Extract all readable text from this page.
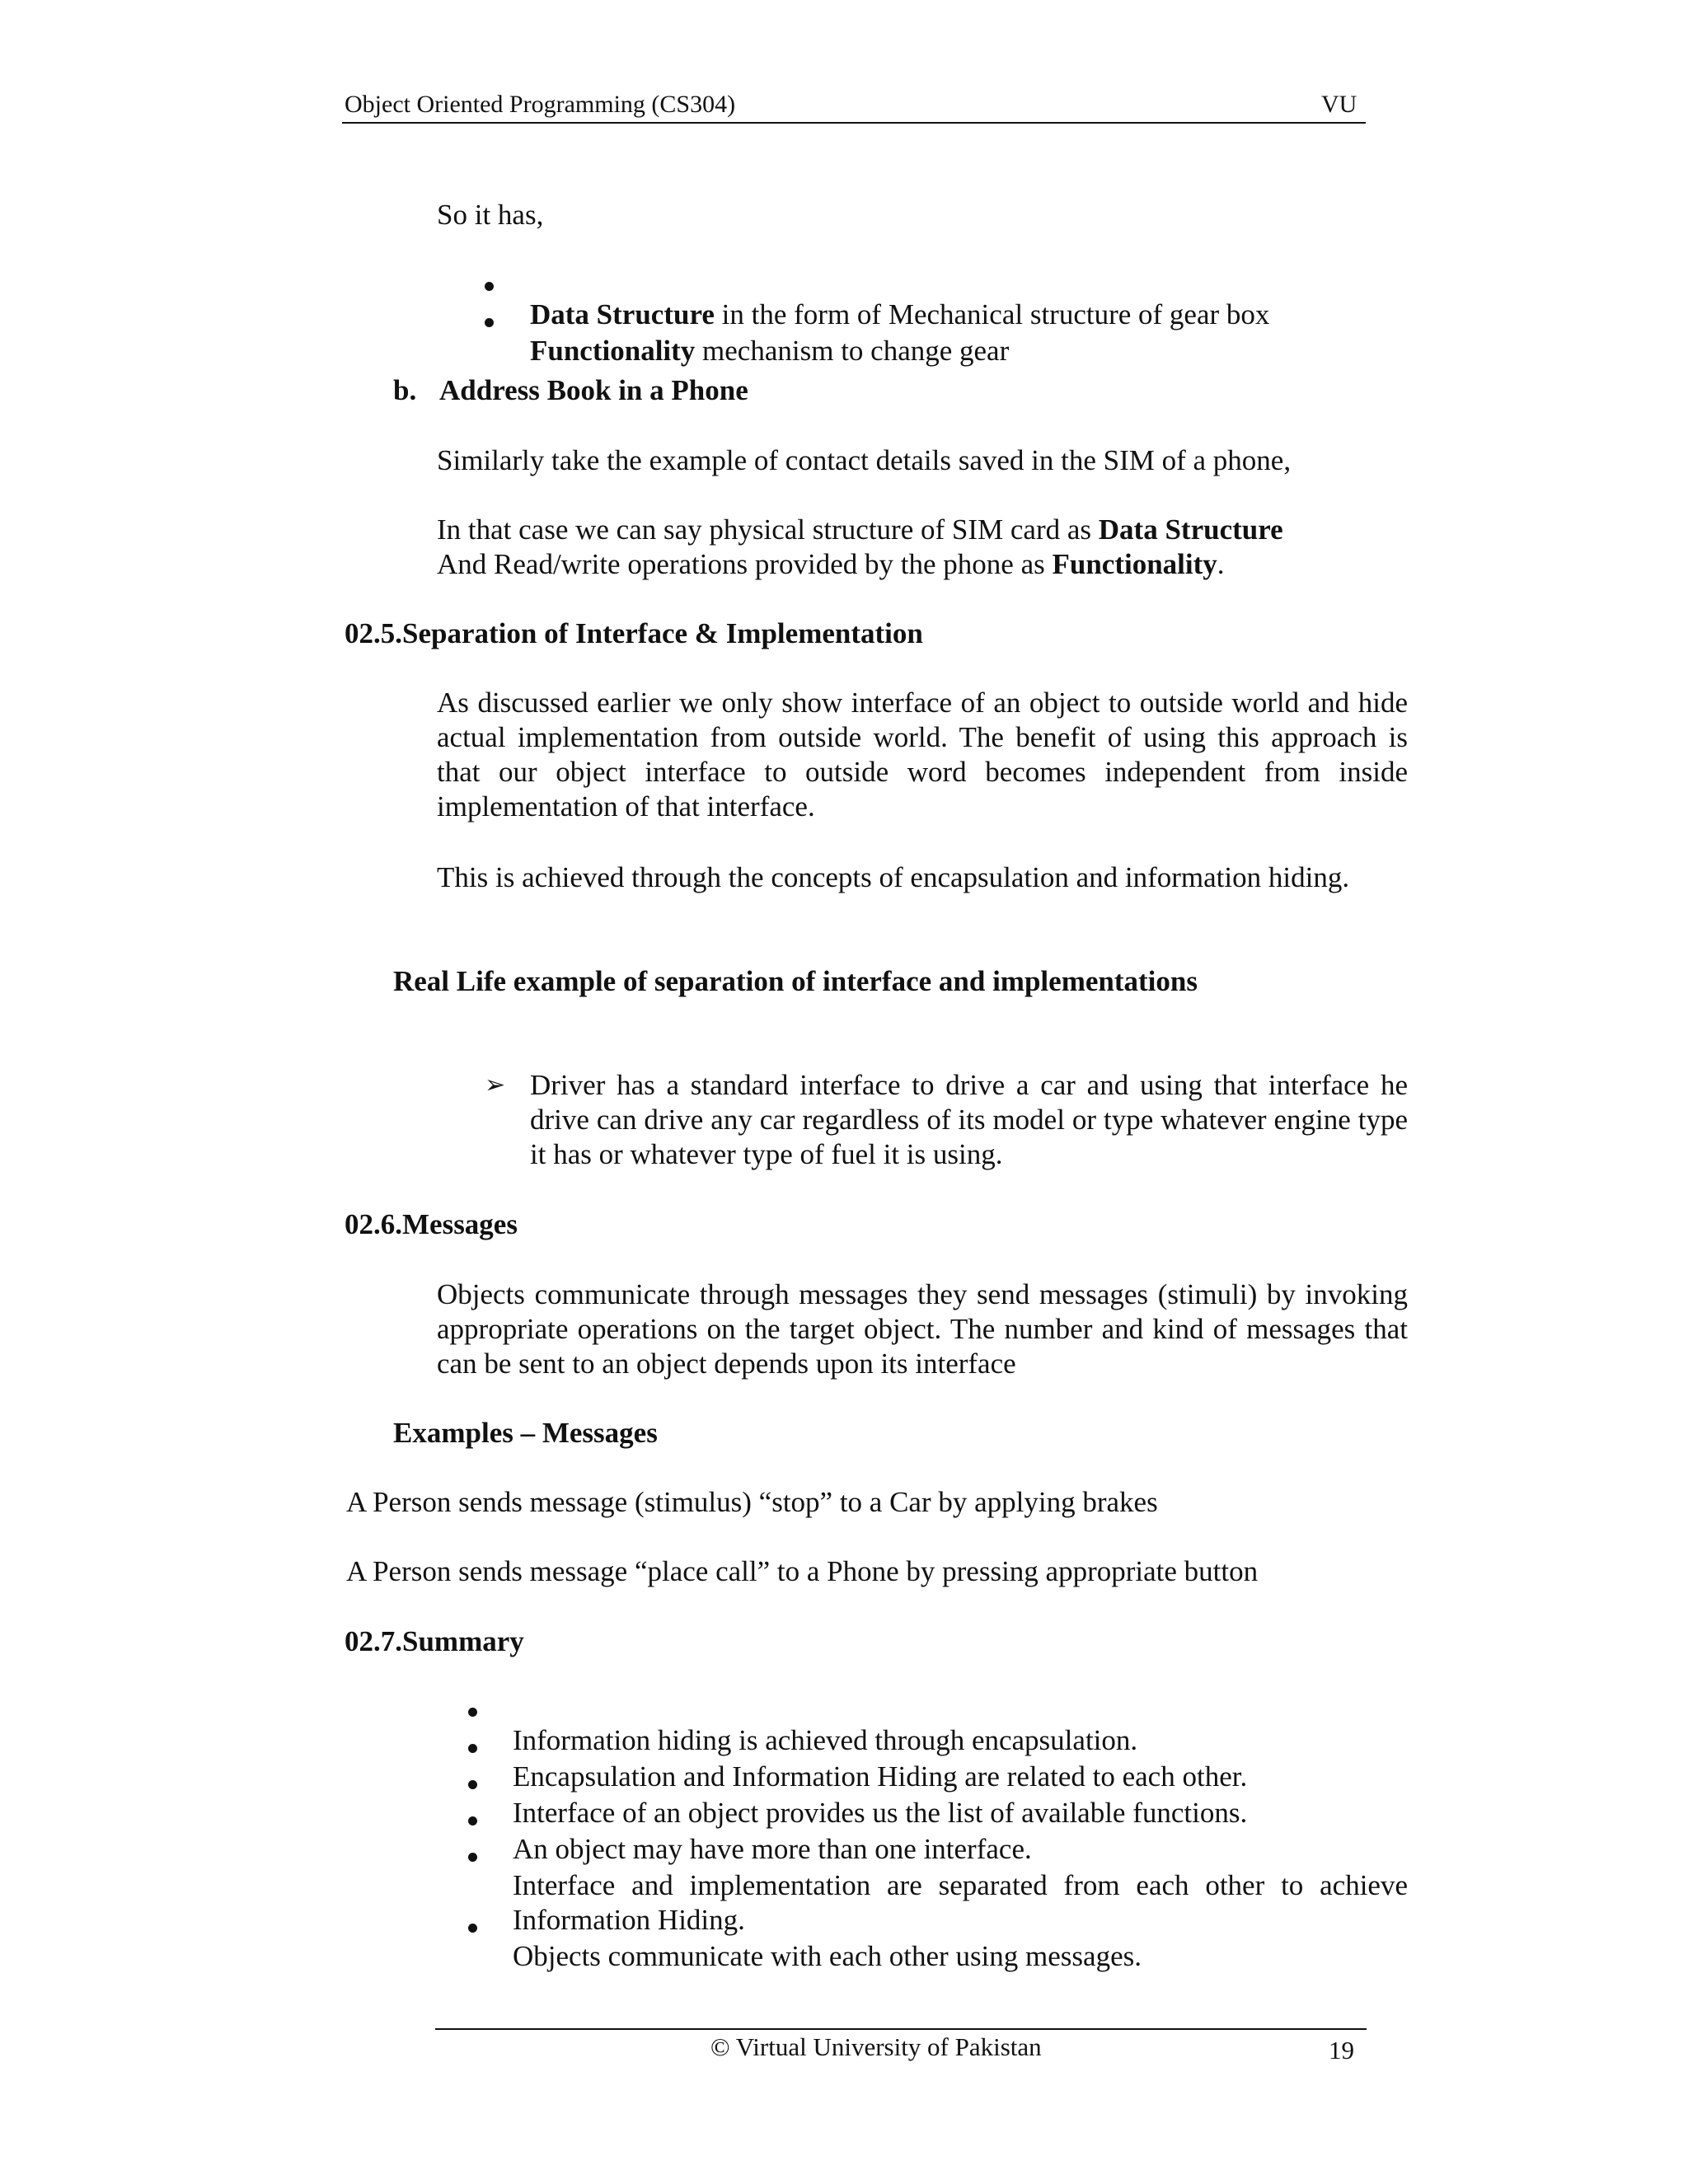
Object Oriented Programming (CS304)	VU

So it has,

Data Structure in the form of Mechanical structure of gear box

Functionality mechanism to change gear

b. Address Book in a Phone

Similarly take the example of contact details saved in the SIM of a phone,

In that case we can say physical structure of SIM card as Data Structure
And Read/write operations provided by the phone as Functionality.

02.5.Separation of Interface & Implementation

As discussed earlier we only show interface of an object to outside world and hide actual implementation from outside world. The benefit of using this approach is that our object interface to outside word becomes independent from inside implementation of that interface.

This is achieved through the concepts of encapsulation and information hiding.

Real Life example of separation of interface and implementations
➢ Driver has a standard interface to drive a car and using that interface he drive can drive any car regardless of its model or type whatever engine type it has or whatever type of fuel it is using.

02.6.Messages

Objects communicate through messages they send messages (stimuli) by invoking appropriate operations on the target object. The number and kind of messages that can be sent to an object depends upon its interface

Examples – Messages

A Person sends message (stimulus) “stop” to a Car by applying brakes

A Person sends message “place call” to a Phone by pressing appropriate button

02.7.Summary

Information hiding is achieved through encapsulation.

Encapsulation and Information Hiding are related to each other.

Interface of an object provides us the list of available functions.

An object may have more than one interface.

Interface and implementation are separated from each other to achieve Information Hiding.

Objects communicate with each other using messages.

© Virtual University of Pakistan	19
